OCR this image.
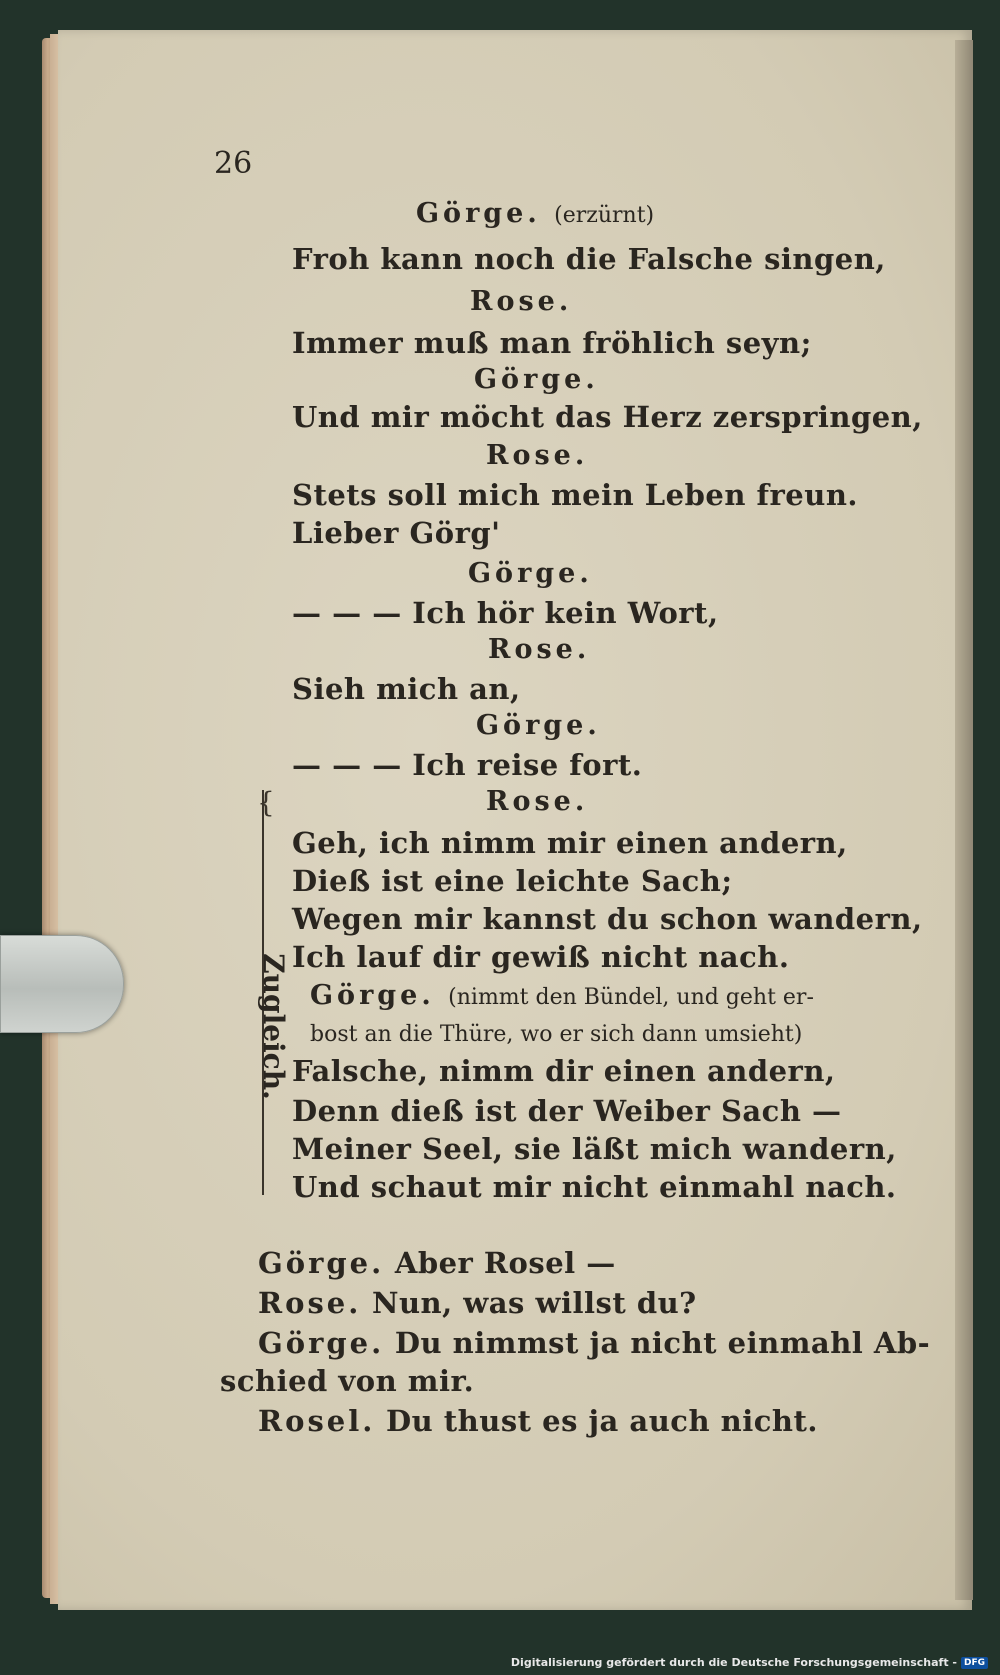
26
Görge. (erzürnt)
Froh kann noch die Falsche singen,
Rose.
Immer muß man fröhlich seyn;
Görge.
Und mir möcht das Herz zerspringen,
Rose.
Stets soll mich mein Leben freun.
Lieber Görg'
Görge.
— — — Ich hör kein Wort,
Rose.
Sieh mich an,
Görge.
— — — Ich reise fort.
Rose.
{
Zugleich.
Geh, ich nimm mir einen andern,
Dieß ist eine leichte Sach;
Wegen mir kannst du schon wandern,
Ich lauf dir gewiß nicht nach.
Görge. (nimmt den Bündel, und geht er-
bost an die Thüre, wo er sich dann umsieht)
Falsche, nimm dir einen andern,
Denn dieß ist der Weiber Sach —
Meiner Seel, sie läßt mich wandern,
Und schaut mir nicht einmahl nach.
Görge. Aber Rosel —
Rose. Nun, was willst du?
Görge. Du nimmst ja nicht einmahl Ab-
schied von mir.
Rosel. Du thust es ja auch nicht.
Digitalisierung gefördert durch die Deutsche Forschungsgemeinschaft - DFG
